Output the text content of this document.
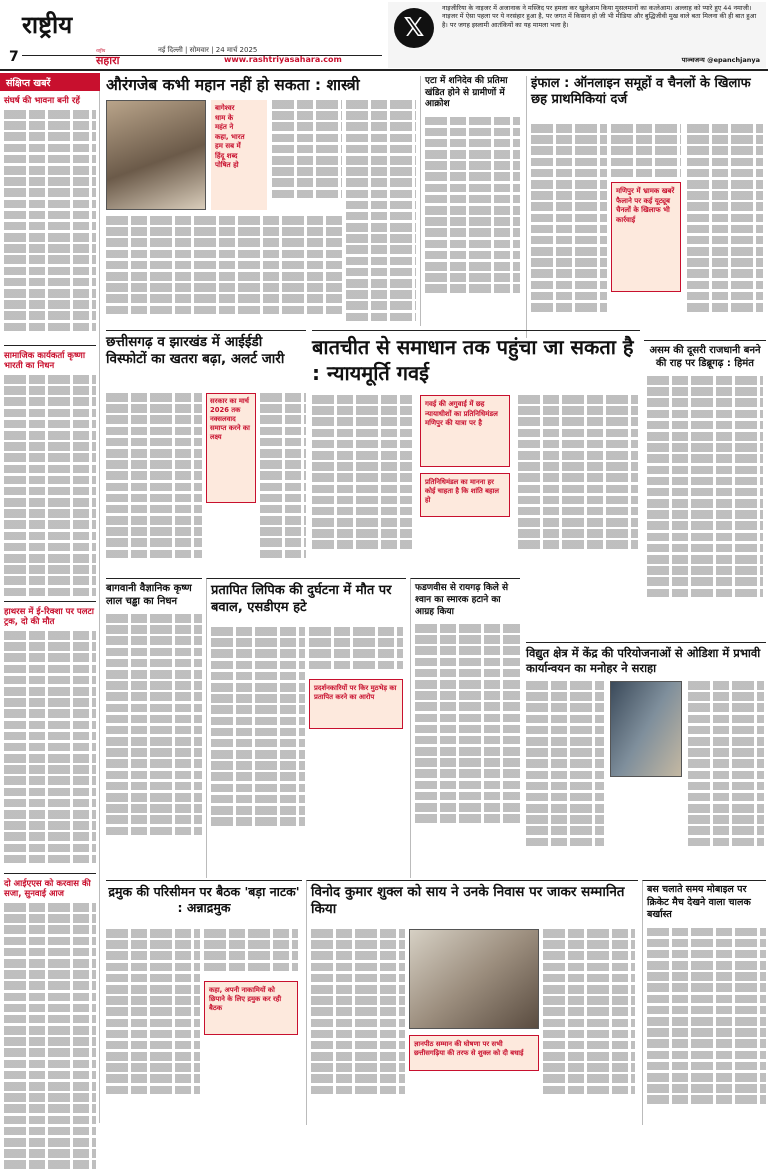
राष्ट्रीय
7	राष्ट्रीय
सहारा
नई दिल्ली | सोमवार | 24 मार्च 2025
www.rashtriyasahara.com
𝕏
नाइजीरिया के नाइजर में अजानाक ने मस्जिद पर हमला कर खुलेआम किया मुसलमानों का कत्लेआम। अल्लाह को प्यारे हुए 44 नमाजी। नाइजर में ऐसा पहला पर ये नरसंहार हुआ है, पर जगत में किसान हो जी भी मीडिया और बुद्धिजीवी मुख वाले बता मिलना की ही बात हुआ है। पर जगह इस्लामी आतंकियों का यह मामला भला है।
पाञ्चजन्य @epanchjanya
संक्षिप्त खबरें
संघर्ष की भावना बनी रहें
सामाजिक कार्यकर्ता कृष्णा भारती का निधन
हाथरस में ई-रिक्शा पर पलटा ट्रक, दो की मौत
दो आईएएस को करवास की सजा, सुनवाई आज
औरंगजेब कभी महान नहीं हो सकता : शास्त्री
बागेश्वर
धाम के
महंत ने
कहा, भारत
हम सब में
हिंदू शब्द
पोषित हो
एटा में शनिदेव की प्रतिमा खंडित होने से ग्रामीणों में आक्रोश
इंफाल : ऑनलाइन समूहों व चैनलों के खिलाफ छह प्राथमिकियां दर्ज
मणिपुर में भ्रामक खबरें फैलाने पर कई यूट्यूब चैनलों के खिलाफ भी कार्रवाई
असम की दूसरी राजधानी बनने की राह पर डिब्रूगढ़ : हिमंत
छत्तीसगढ़ व झारखंड में आईईडी विस्फोटों का खतरा बढ़ा, अलर्ट जारी
सरकार का मार्च 2026 तक नक्सलवाद समाप्त करने का लक्ष्य
बातचीत से समाधान तक पहुंचा जा सकता है : न्यायमूर्ति गवई
गवई की अगुवाई में छह न्यायाधीशों का प्रतिनिधिमंडल मणिपुर की यात्रा पर है
प्रतिनिधिमंडल का मानना हर कोई चाहता है कि शांति बहाल हो
बागवानी वैज्ञानिक कृष्ण लाल चड्ढा का निधन
प्रतापित लिपिक की दुर्घटना में मौत पर बवाल, एसडीएम हटे
प्रदर्शनकारियों पर किर मुठभेड़ का प्रतापित करने का आरोप
फडणवीस से रायगढ़ किले से श्वान का स्मारक हटाने का आग्रह किया
विद्युत क्षेत्र में केंद्र की परियोजनाओं से ओडिशा में प्रभावी कार्यान्वयन का मनोहर ने सराहा
द्रमुक की परिसीमन पर बैठक 'बड़ा नाटक' : अन्नाद्रमुक
कहा, अपनी नाकामियों को छिपाने के लिए द्रमुक कर रही बैठक
विनोद कुमार शुक्ल को साय ने उनके निवास पर जाकर सम्मानित किया
ज्ञानपीठ सम्मान की घोषणा पर सभी छत्तीसगढ़िया की तरफ से शुक्ल को दी बधाई
बस चलाते समय मोबाइल पर क्रिकेट मैच देखने वाला चालक बर्खास्त
